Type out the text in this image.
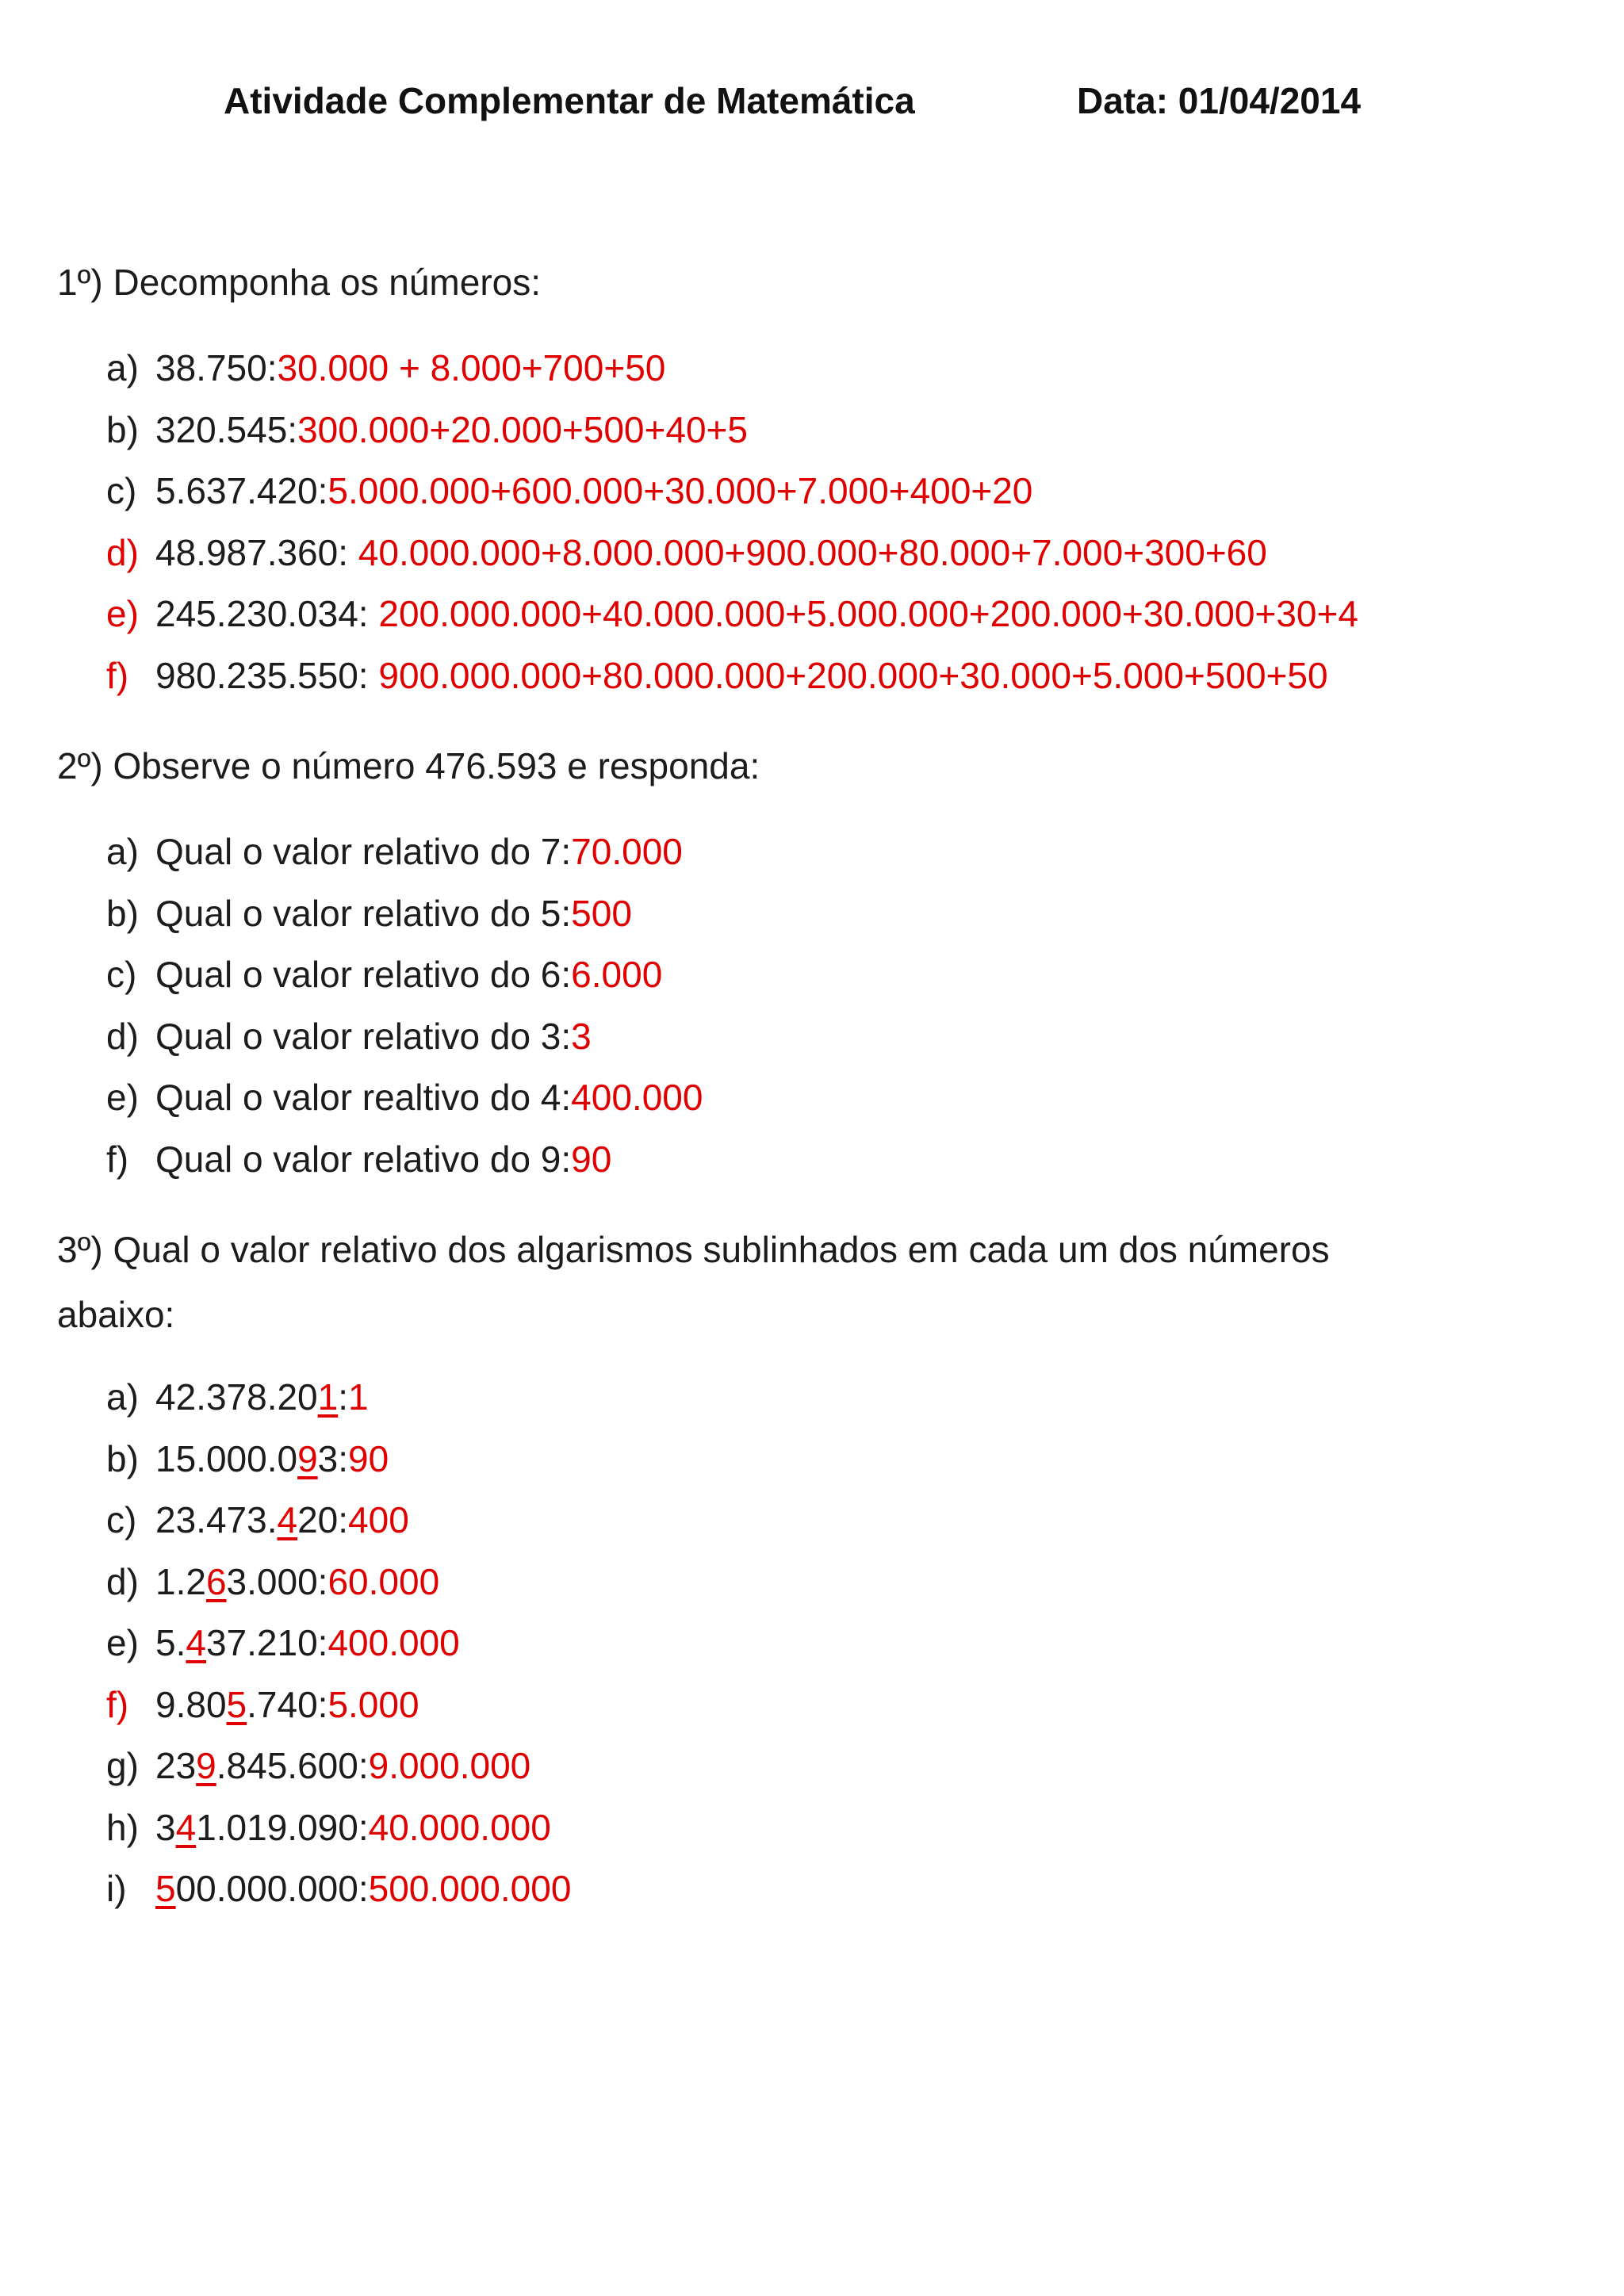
Atividade Complementar de Matemática	Data: 01/04/2014
1º) Decomponha os números:
a) 38.750:30.000 + 8.000+700+50
b) 320.545:300.000+20.000+500+40+5
c) 5.637.420:5.000.000+600.000+30.000+7.000+400+20
d) 48.987.360: 40.000.000+8.000.000+900.000+80.000+7.000+300+60
e) 245.230.034: 200.000.000+40.000.000+5.000.000+200.000+30.000+30+4
f) 980.235.550: 900.000.000+80.000.000+200.000+30.000+5.000+500+50
2º) Observe o número 476.593 e responda:
a) Qual o valor relativo do 7:70.000
b) Qual o valor relativo do 5:500
c) Qual o valor relativo do 6:6.000
d) Qual o valor relativo do 3:3
e) Qual o valor realtivo do 4:400.000
f) Qual o valor relativo do 9:90
3º) Qual o valor relativo dos algarismos sublinhados em cada um dos números abaixo:
a) 42.378.201:1
b) 15.000.093:90
c) 23.473.420:400
d) 1.263.000:60.000
e) 5.437.210:400.000
f) 9.805.740:5.000
g) 239.845.600:9.000.000
h) 341.019.090:40.000.000
i) 500.000.000:500.000.000
